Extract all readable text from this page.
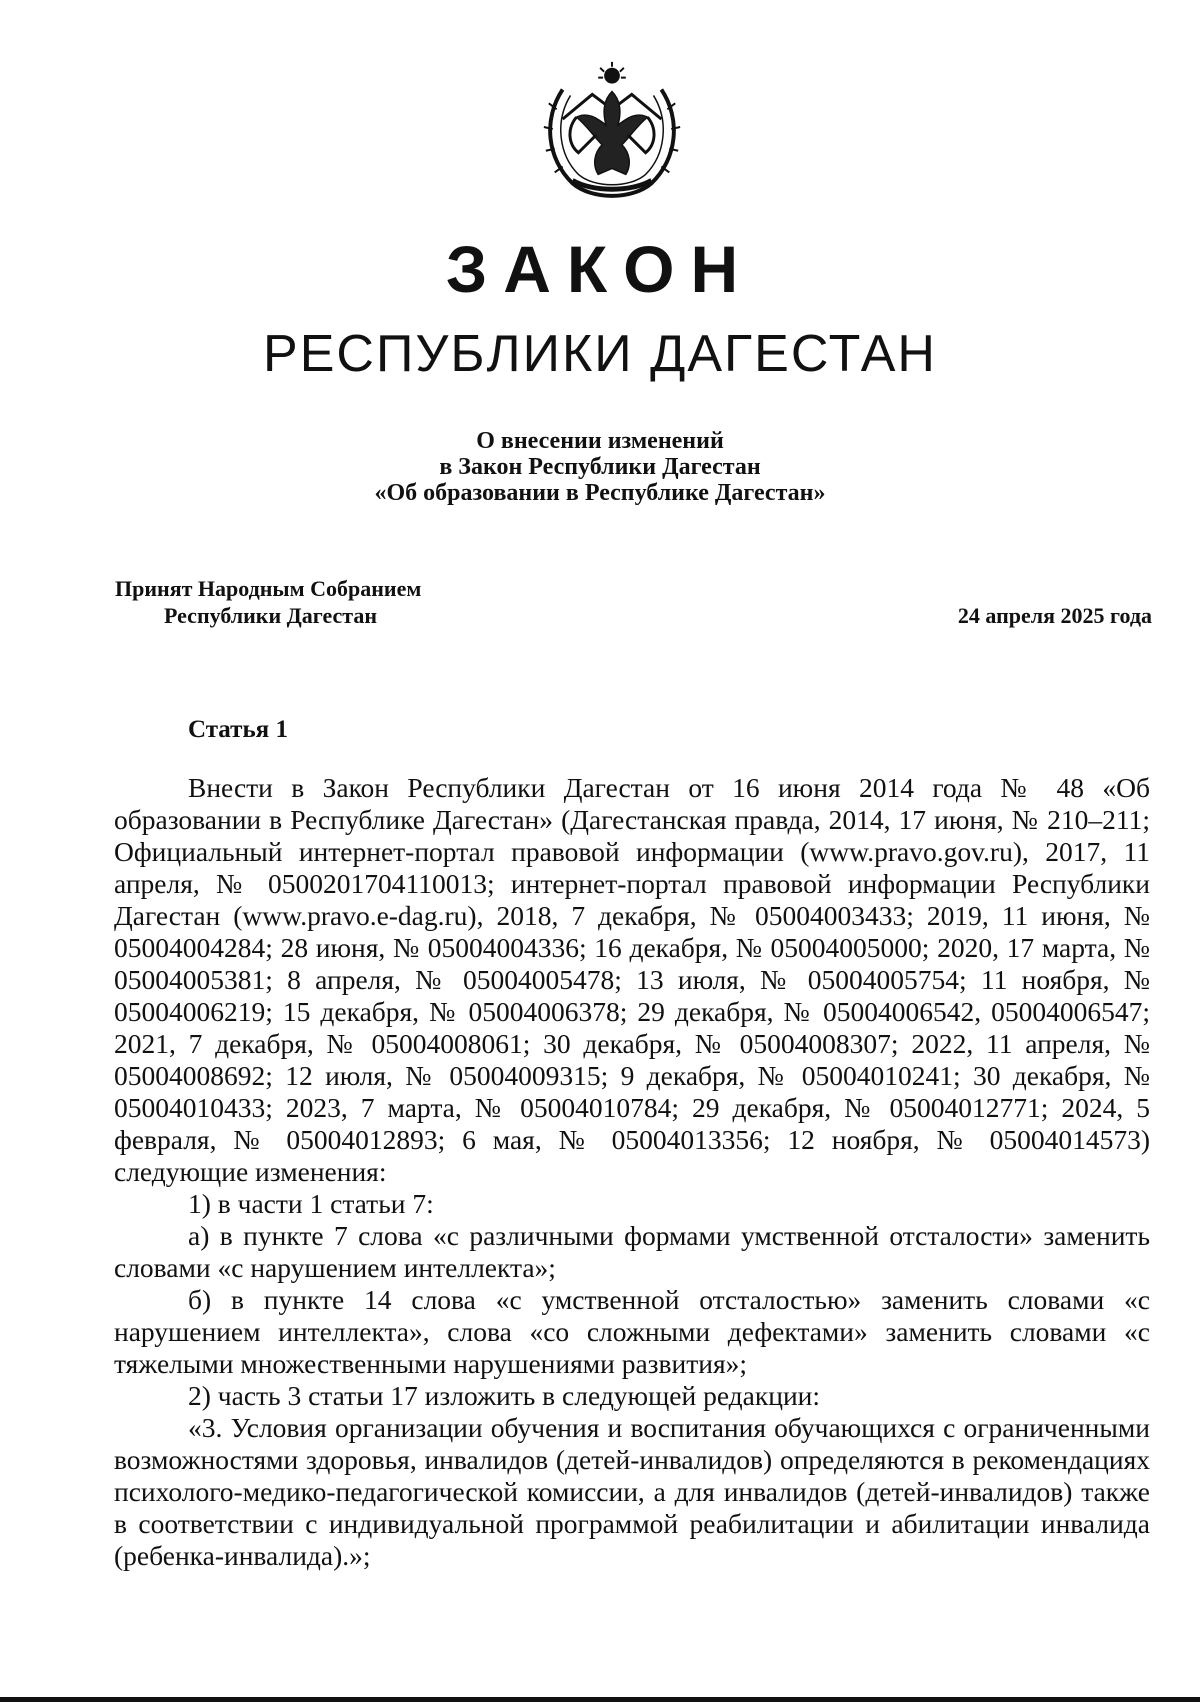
ЗАКОН
РЕСПУБЛИКИ ДАГЕСТАН
О внесении изменений
в Закон Республики Дагестан
«Об образовании в Республике Дагестан»
Принят Народным Собранием
Республики Дагестан	24 апреля 2025 года
Статья 1

Внести в Закон Республики Дагестан от 16 июня 2014 года № 48 «Об образовании в Республике Дагестан» (Дагестанская правда, 2014, 17 июня, № 210–211; Официальный интернет-портал правовой информации (www.pravo.gov.ru), 2017, 11 апреля, № 0500201704110013; интернет-портал правовой информации Республики Дагестан (www.pravo.e-dag.ru), 2018, 7 декабря, № 05004003433; 2019, 11 июня, № 05004004284; 28 июня, № 05004004336; 16 декабря, № 05004005000; 2020, 17 марта, № 05004005381; 8 апреля, № 05004005478; 13 июля, № 05004005754; 11 ноября, № 05004006219; 15 декабря, № 05004006378; 29 декабря, № 05004006542, 05004006547; 2021, 7 декабря, № 05004008061; 30 декабря, № 05004008307; 2022, 11 апреля, № 05004008692; 12 июля, № 05004009315; 9 декабря, № 05004010241; 30 декабря, № 05004010433; 2023, 7 марта, № 05004010784; 29 декабря, № 05004012771; 2024, 5 февраля, № 05004012893; 6 мая, № 05004013356; 12 ноября, № 05004014573) следующие изменения:

1) в части 1 статьи 7:

а) в пункте 7 слова «с различными формами умственной отсталости» заменить словами «с нарушением интеллекта»;

б) в пункте 14 слова «с умственной отсталостью» заменить словами «с нарушением интеллекта», слова «со сложными дефектами» заменить словами «с тяжелыми множественными нарушениями развития»;

2) часть 3 статьи 17 изложить в следующей редакции:

«3. Условия организации обучения и воспитания обучающихся с ограниченными возможностями здоровья, инвалидов (детей-инвалидов) определяются в рекомендациях психолого-медико-педагогической комиссии, а для инвалидов (детей-инвалидов) также в соответствии с индивидуальной программой реабилитации и абилитации инвалида (ребенка-инвалида).»;
